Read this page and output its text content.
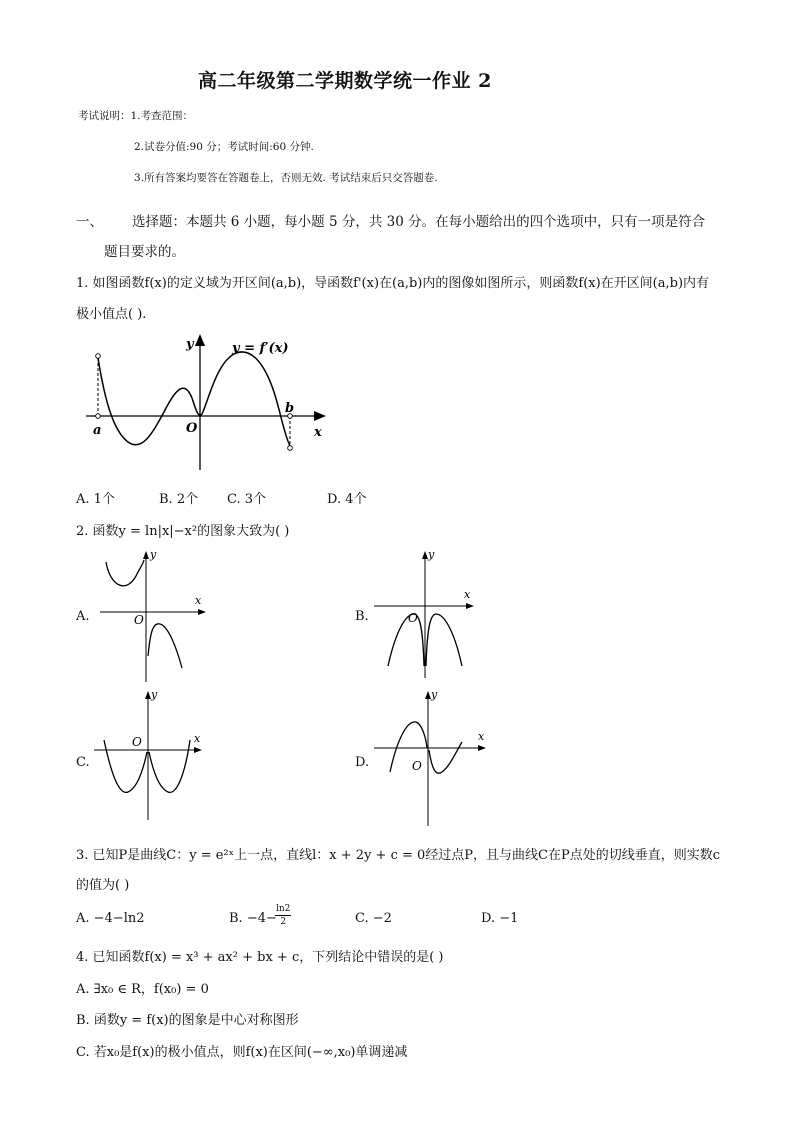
高二年级第二学期数学统一作业 2
考试说明：1.考查范围：
2.试卷分值:90 分；考试时间:60 分钟.
3.所有答案均要答在答题卷上，否则无效. 考试结束后只交答题卷.
一、 选择题：本题共 6 小题，每小题 5 分，共 30 分。在每小题给出的四个选项中，只有一项是符合
题目要求的。
1. 如图函数f(x)的定义域为开区间(a,b)，导函数f'(x)在(a,b)内的图像如图所示，则函数f(x)在开区间(a,b)内有
极小值点( ).
y = f′(x)
y
x
a
b
O
A. 1个	B. 2个 C. 3个	D. 4个
2. 函数y = ln|x|−x²的图象大致为( )
A.
y
x
O	B.
y
x
O
C.
y
x
O
D.
y
x
O
3. 已知P是曲线C：y = e²ˣ上一点，直线l：x + 2y + c = 0经过点P，且与曲线C在P点处的切线垂直，则实数c
的值为( )
A. −4−ln2	B. −4−
$\frac{\ln 2}{2}$	C. −2	D. −1
4. 已知函数f(x) = x³ + ax² + bx + c，下列结论中错误的是( )
A. ∃x₀ ∈ R，f(x₀) = 0
B. 函数y = f(x)的图象是中心对称图形
C. 若x₀是f(x)的极小值点，则f(x)在区间(−∞,x₀)单调递减
